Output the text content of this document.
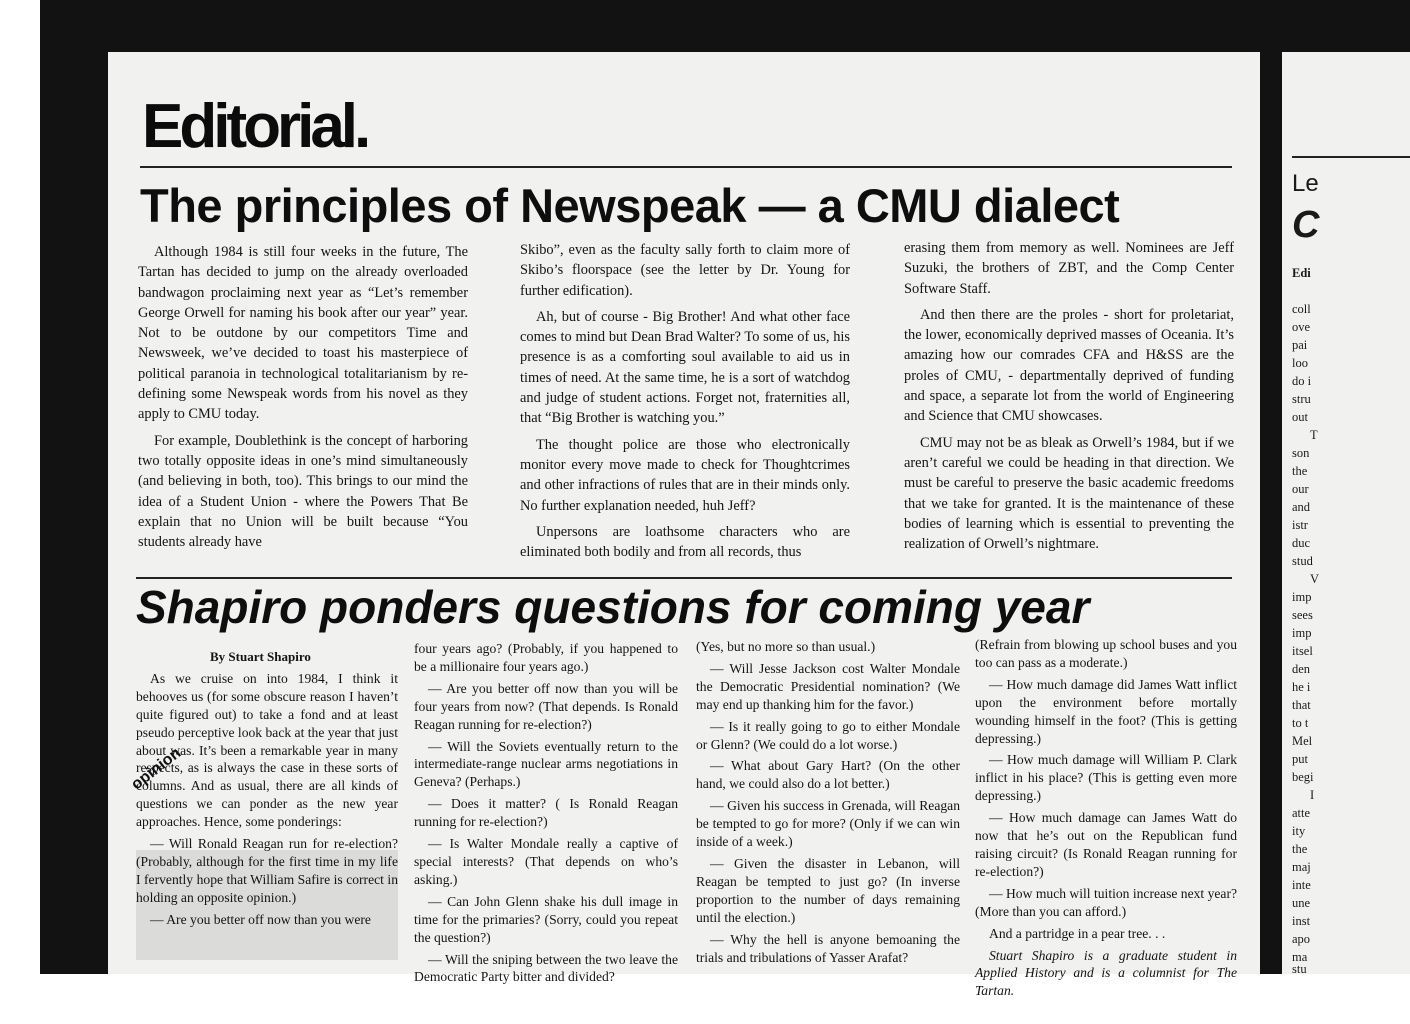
Editorial.
The principles of Newspeak — a CMU dialect

Although 1984 is still four weeks in the future, The Tartan has decided to jump on the already overloaded bandwagon proclaiming next year as “Let’s remember George Orwell for naming his book after our year” year. Not to be outdone by our competitors Time and Newsweek, we’ve decided to toast his masterpiece of political paranoia in technological totalitarianism by re-defining some Newspeak words from his novel as they apply to CMU today.

For example, Doublethink is the concept of harboring two totally opposite ideas in one’s mind simultaneously (and believing in both, too). This brings to our mind the idea of a Student Union - where the Powers That Be explain that no Union will be built because “You students already have

Skibo”, even as the faculty sally forth to claim more of Skibo’s floorspace (see the letter by Dr. Young for further edification).

Ah, but of course - Big Brother! And what other face comes to mind but Dean Brad Walter? To some of us, his presence is as a comforting soul available to aid us in times of need. At the same time, he is a sort of watchdog and judge of student actions. Forget not, fraternities all, that “Big Brother is watching you.”

The thought police are those who electronically monitor every move made to check for Thoughtcrimes and other infractions of rules that are in their minds only. No further explanation needed, huh Jeff?

Unpersons are loathsome characters who are eliminated both bodily and from all records, thus

erasing them from memory as well. Nominees are Jeff Suzuki, the brothers of ZBT, and the Comp Center Software Staff.

And then there are the proles - short for proletariat, the lower, economically deprived masses of Oceania. It’s amazing how our comrades CFA and H&SS are the proles of CMU, - departmentally deprived of funding and space, a separate lot from the world of Engineering and Science that CMU showcases.

CMU may not be as bleak as Orwell’s 1984, but if we aren’t careful we could be heading in that direction. We must be careful to preserve the basic academic freedoms that we take for granted. It is the maintenance of these bodies of learning which is essential to preventing the realization of Orwell’s nightmare.

Shapiro ponders questions for coming year

By Stuart Shapiro

As we cruise on into 1984, I think it behooves us (for some obscure reason I haven’t quite figured out) to take a fond and at least pseudo perceptive look back at the year that just about was. It’s been a remarkable year in many respects, as is always the case in these sorts of columns. And as usual, there are all kinds of questions we can ponder as the new year approaches. Hence, some ponderings:

— Will Ronald Reagan run for re-election? (Probably, although for the first time in my life I fervently hope that William Safire is correct in holding an opposite opinion.)

— Are you better off now than you were

opinion

four years ago? (Probably, if you happened to be a millionaire four years ago.)

— Are you better off now than you will be four years from now? (That depends. Is Ronald Reagan running for re-election?)

— Will the Soviets eventually return to the intermediate-range nuclear arms negotiations in Geneva? (Perhaps.)

— Does it matter? ( Is Ronald Reagan running for re-election?)

— Is Walter Mondale really a captive of special interests? (That depends on who’s asking.)

— Can John Glenn shake his dull image in time for the primaries? (Sorry, could you repeat the question?)

— Will the sniping between the two leave the Democratic Party bitter and divided?

(Yes, but no more so than usual.)

— Will Jesse Jackson cost Walter Mondale the Democratic Presidential nomination? (We may end up thanking him for the favor.)

— Is it really going to go to either Mondale or Glenn? (We could do a lot worse.)

— What about Gary Hart? (On the other hand, we could also do a lot better.)

— Given his success in Grenada, will Reagan be tempted to go for more? (Only if we can win inside of a week.)

— Given the disaster in Lebanon, will Reagan be tempted to just go? (In inverse proportion to the number of days remaining until the election.)

— Why the hell is anyone bemoaning the trials and tribulations of Yasser Arafat?

(Refrain from blowing up school buses and you too can pass as a moderate.)

— How much damage did James Watt inflict upon the environment before mortally wounding himself in the foot? (This is getting depressing.)

— How much damage will William P. Clark inflict in his place? (This is getting even more depressing.)

— How much damage can James Watt do now that he’s out on the Republican fund raising circuit? (Is Ronald Reagan running for re-election?)

— How much will tuition increase next year? (More than you can afford.)

And a partridge in a pear tree. . .

Stuart Shapiro is a graduate student in Applied History and is a columnist for The Tartan.

Le
C
Edi
coll
ove
pai
loo
do i
stru
out
T
son
the
our
and
istr
duc
stud
V
imp
sees
imp
itsel
den
he i
that
to t
Mel
put
begi
I
atte
ity
the
maj
inte
une
inst
apo
ma
stu
